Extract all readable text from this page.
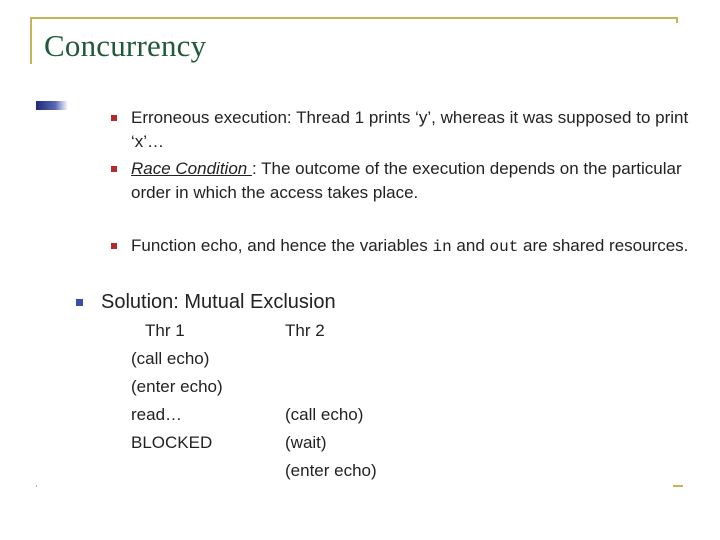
Concurrency
Erroneous execution: Thread 1 prints ‘y’, whereas it was supposed to print ‘x’…
Race Condition : The outcome of the execution depends on the particular order in which the access takes place.
Function echo, and hence the variables in and out are shared resources.
Solution: Mutual Exclusion
Thr 1	Thr 2
(call echo)
(enter echo)
read…
BLOCKED
(call echo)
(wait)
(enter echo)
